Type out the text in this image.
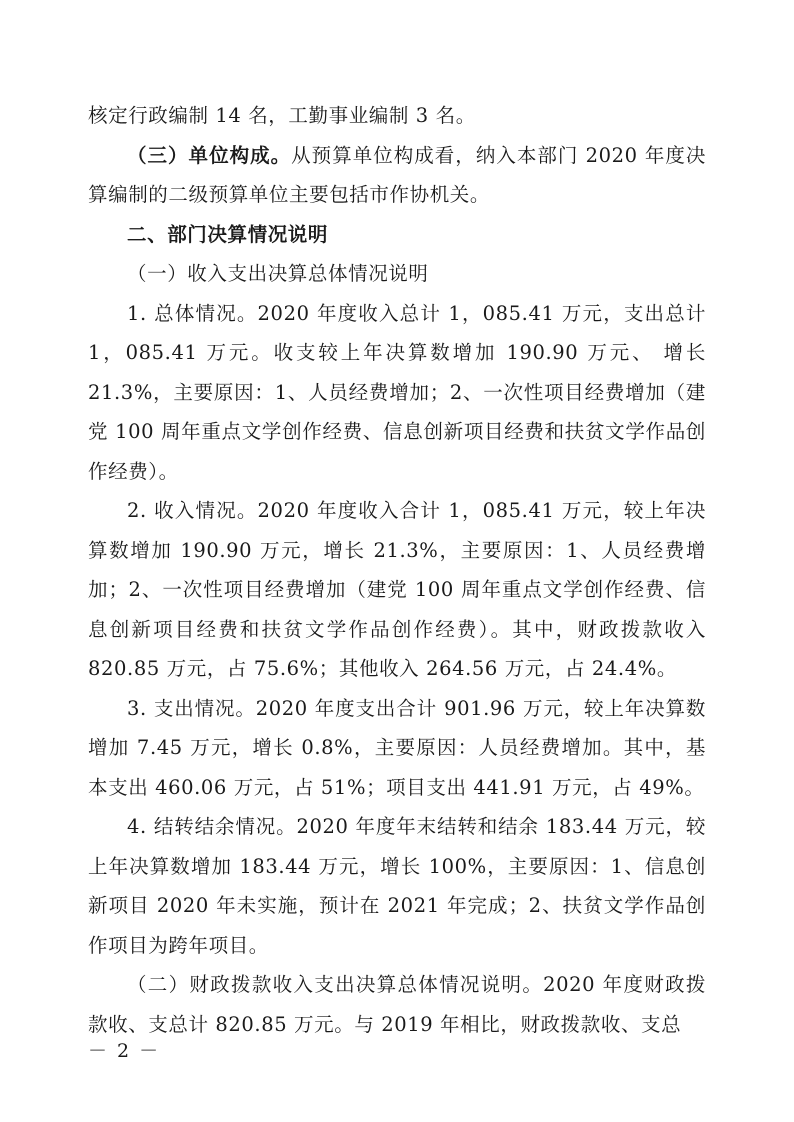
核定行政编制 14 名，工勤事业编制 3 名。

（三）单位构成。从预算单位构成看，纳入本部门 2020 年度决算编制的二级预算单位主要包括市作协机关。

二、部门决算情况说明

（一）收入支出决算总体情况说明

1. 总体情况。2020 年度收入总计 1，085.41 万元，支出总计 1，085.41 万元。收支较上年决算数增加 190.90 万元、 增长 21.3%，主要原因：1、人员经费增加；2、一次性项目经费增加（建党 100 周年重点文学创作经费、信息创新项目经费和扶贫文学作品创作经费）。

2. 收入情况。2020 年度收入合计 1，085.41 万元，较上年决算数增加 190.90 万元，增长 21.3%，主要原因：1、人员经费增加；2、一次性项目经费增加（建党 100 周年重点文学创作经费、信息创新项目经费和扶贫文学作品创作经费）。其中，财政拨款收入 820.85 万元，占 75.6%；其他收入 264.56 万元，占 24.4%。

3. 支出情况。2020 年度支出合计 901.96 万元，较上年决算数增加 7.45 万元，增长 0.8%，主要原因：人员经费增加。其中，基本支出 460.06 万元，占 51%；项目支出 441.91 万元，占 49%。

4. 结转结余情况。2020 年度年末结转和结余 183.44 万元，较上年决算数增加 183.44 万元，增长 100%，主要原因：1、信息创新项目 2020 年未实施，预计在 2021 年完成；2、扶贫文学作品创作项目为跨年项目。

（二）财政拨款收入支出决算总体情况说明。2020 年度财政拨款收、支总计 820.85 万元。与 2019 年相比，财政拨款收、支总

－ 2 －
